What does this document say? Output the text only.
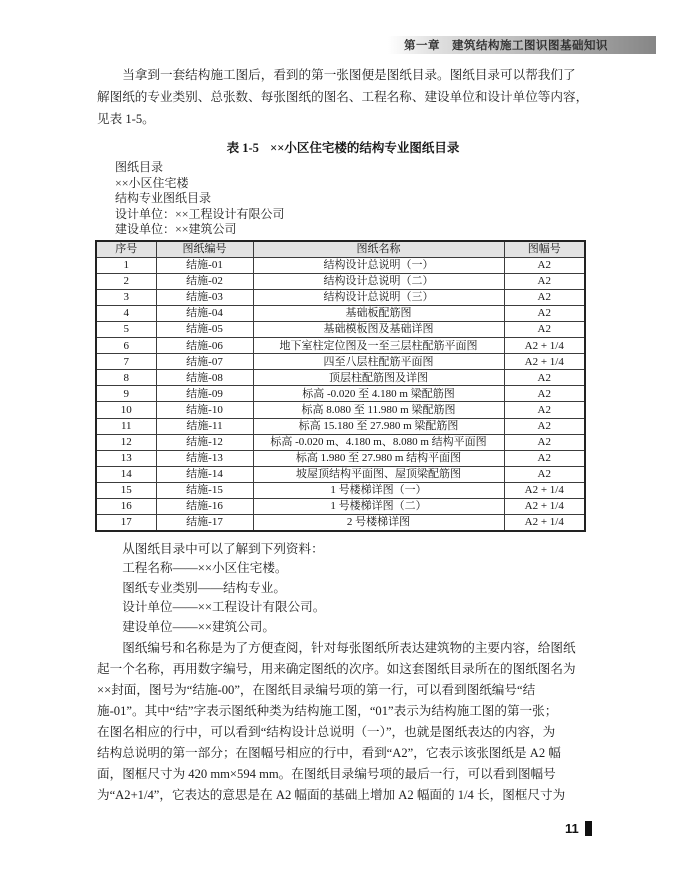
第一章　建筑结构施工图识图基础知识
当拿到一套结构施工图后，看到的第一张图便是图纸目录。图纸目录可以帮我们了
解图纸的专业类别、总张数、每张图纸的图名、工程名称、建设单位和设计单位等内容，
见表 1-5。
表 1-5 ××小区住宅楼的结构专业图纸目录
图纸目录
××小区住宅楼
结构专业图纸目录
设计单位：××工程设计有限公司
建设单位：××建筑公司
序号	图纸编号	图纸名称	图幅号
1	结施-01	结构设计总说明（一）	A2
2	结施-02	结构设计总说明（二）	A2
3	结施-03	结构设计总说明（三）	A2
4	结施-04	基础板配筋图	A2
5	结施-05	基础模板图及基础详图	A2
6	结施-06	地下室柱定位图及一至三层柱配筋平面图	A2 + 1/4
7	结施-07	四至八层柱配筋平面图	A2 + 1/4
8	结施-08	顶层柱配筋图及详图	A2
9	结施-09	标高 -0.020 至 4.180 m 梁配筋图	A2
10	结施-10	标高 8.080 至 11.980 m 梁配筋图	A2
11	结施-11	标高 15.180 至 27.980 m 梁配筋图	A2
12	结施-12	标高 -0.020 m、4.180 m、8.080 m 结构平面图	A2
13	结施-13	标高 1.980 至 27.980 m 结构平面图	A2
14	结施-14	坡屋顶结构平面图、屋顶梁配筋图	A2
15	结施-15	1 号楼梯详图（一）	A2 + 1/4
16	结施-16	1 号楼梯详图（二）	A2 + 1/4
17	结施-17	2 号楼梯详图	A2 + 1/4
从图纸目录中可以了解到下列资料：
工程名称——××小区住宅楼。
图纸专业类别——结构专业。
设计单位——××工程设计有限公司。
建设单位——××建筑公司。
图纸编号和名称是为了方便查阅，针对每张图纸所表达建筑物的主要内容，给图纸
起一个名称，再用数字编号，用来确定图纸的次序。如这套图纸目录所在的图纸图名为
××封面，图号为“结施-00”，在图纸目录编号项的第一行，可以看到图纸编号“结
施-01”。其中“结”字表示图纸种类为结构施工图，“01”表示为结构施工图的第一张；
在图名相应的行中，可以看到“结构设计总说明（一）”，也就是图纸表达的内容，为
结构总说明的第一部分；在图幅号相应的行中，看到“A2”，它表示该张图纸是 A2 幅
面，图框尺寸为 420 mm×594 mm。在图纸目录编号项的最后一行，可以看到图幅号
为“A2+1/4”，它表达的意思是在 A2 幅面的基础上增加 A2 幅面的 1/4 长，图框尺寸为
11
